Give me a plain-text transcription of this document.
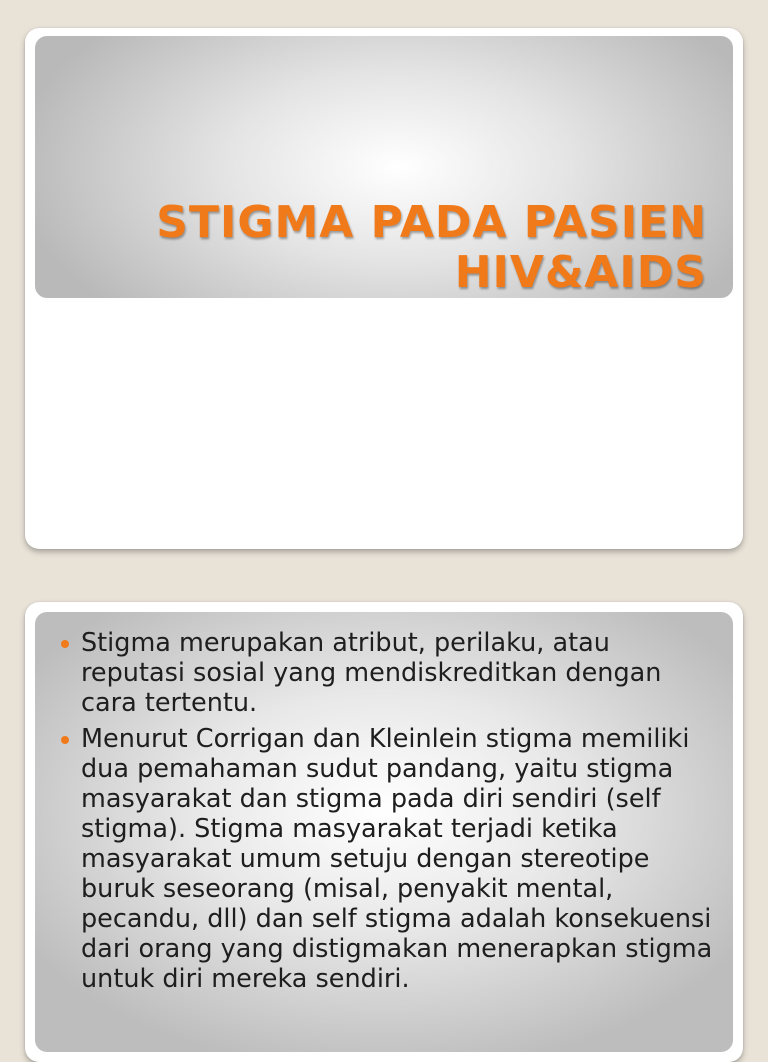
STIGMA PADA PASIEN HIV&AIDS
Stigma merupakan atribut, perilaku, atau reputasi sosial yang mendiskreditkan dengan cara tertentu.
Menurut Corrigan dan Kleinlein stigma memiliki dua pemahaman sudut pandang, yaitu stigma masyarakat dan stigma pada diri sendiri (self stigma). Stigma masyarakat terjadi ketika masyarakat umum setuju dengan stereotipe buruk seseorang (misal, penyakit mental, pecandu, dll) dan self stigma adalah konsekuensi dari orang yang distigmakan menerapkan stigma untuk diri mereka sendiri.
